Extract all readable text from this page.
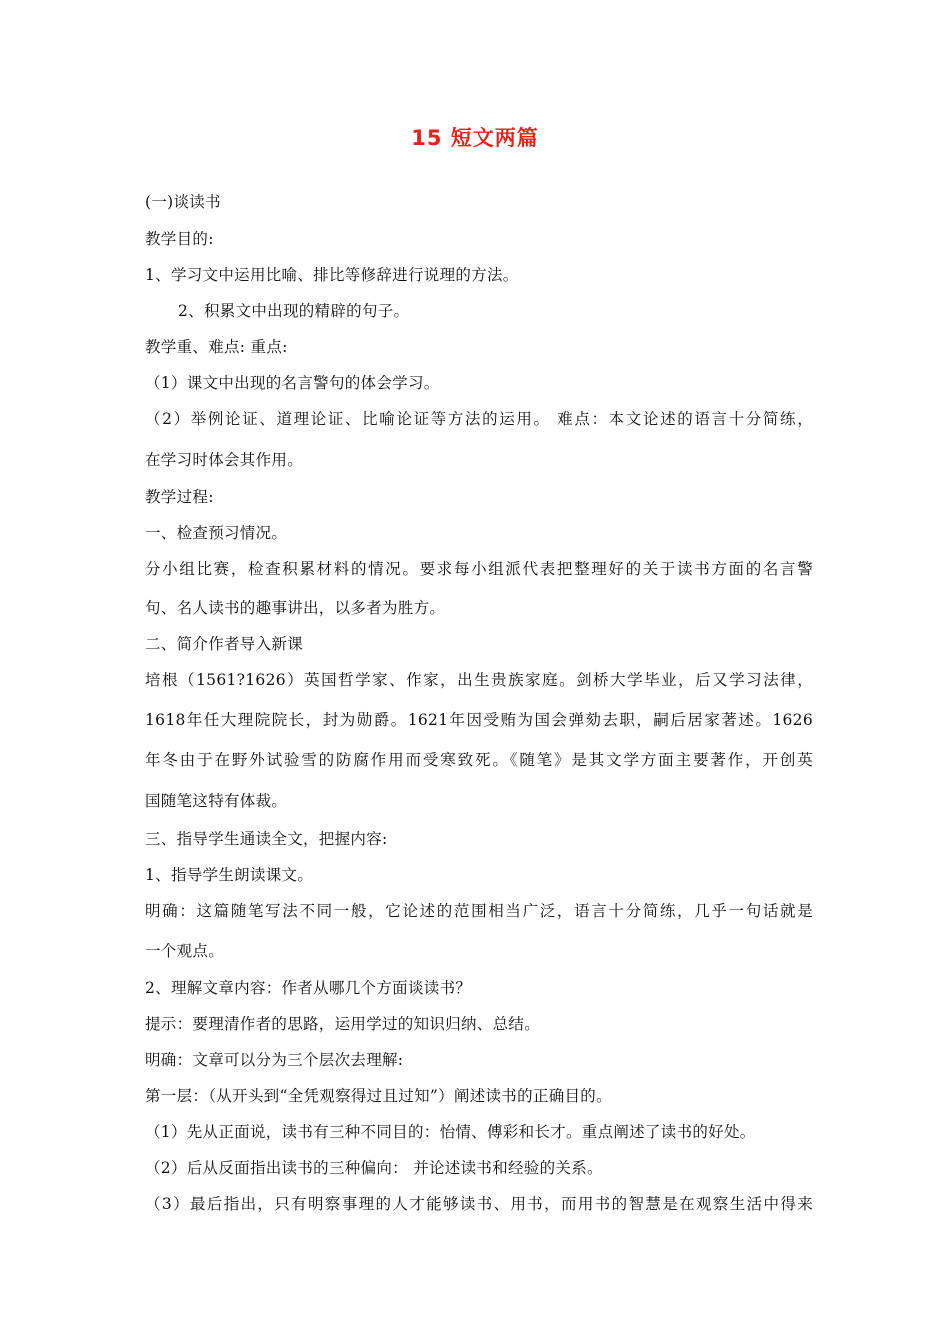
15 短文两篇
(一)谈读书
教学目的:
1、学习文中运用比喻、排比等修辞进行说理的方法。
2、积累文中出现的精辟的句子。
教学重、难点: 重点:
（1）课文中出现的名言警句的体会学习。
（2）举例论证、道理论证、比喻论证等方法的运用。 难点：本文论述的语言十分简练，
在学习时体会其作用。
教学过程:
一、检查预习情况。
分小组比赛，检查积累材料的情况。要求每小组派代表把整理好的关于读书方面的名言警
句、名人读书的趣事讲出，以多者为胜方。
二、简介作者导入新课
培根（1561?1626）英国哲学家、作家，出生贵族家庭。剑桥大学毕业，后又学习法律，
1618年任大理院院长，封为勋爵。1621年因受贿为国会弹劾去职，嗣后居家著述。1626
年冬由于在野外试验雪的防腐作用而受寒致死。《随笔》是其文学方面主要著作，开创英
国随笔这特有体裁。
三、指导学生通读全文，把握内容:
1、指导学生朗读课文。
明确：这篇随笔写法不同一般，它论述的范围相当广泛，语言十分简练，几乎一句话就是
一个观点。
2、理解文章内容：作者从哪几个方面谈读书？
提示：要理清作者的思路，运用学过的知识归纳、总结。
明确：文章可以分为三个层次去理解:
第一层：（从开头到“全凭观察得过且过知”）阐述读书的正确目的。
（1）先从正面说，读书有三种不同目的：怡情、傅彩和长才。重点阐述了读书的好处。
（2）后从反面指出读书的三种偏向： 并论述读书和经验的关系。
（3）最后指出，只有明察事理的人才能够读书、用书，而用书的智慧是在观察生活中得来
